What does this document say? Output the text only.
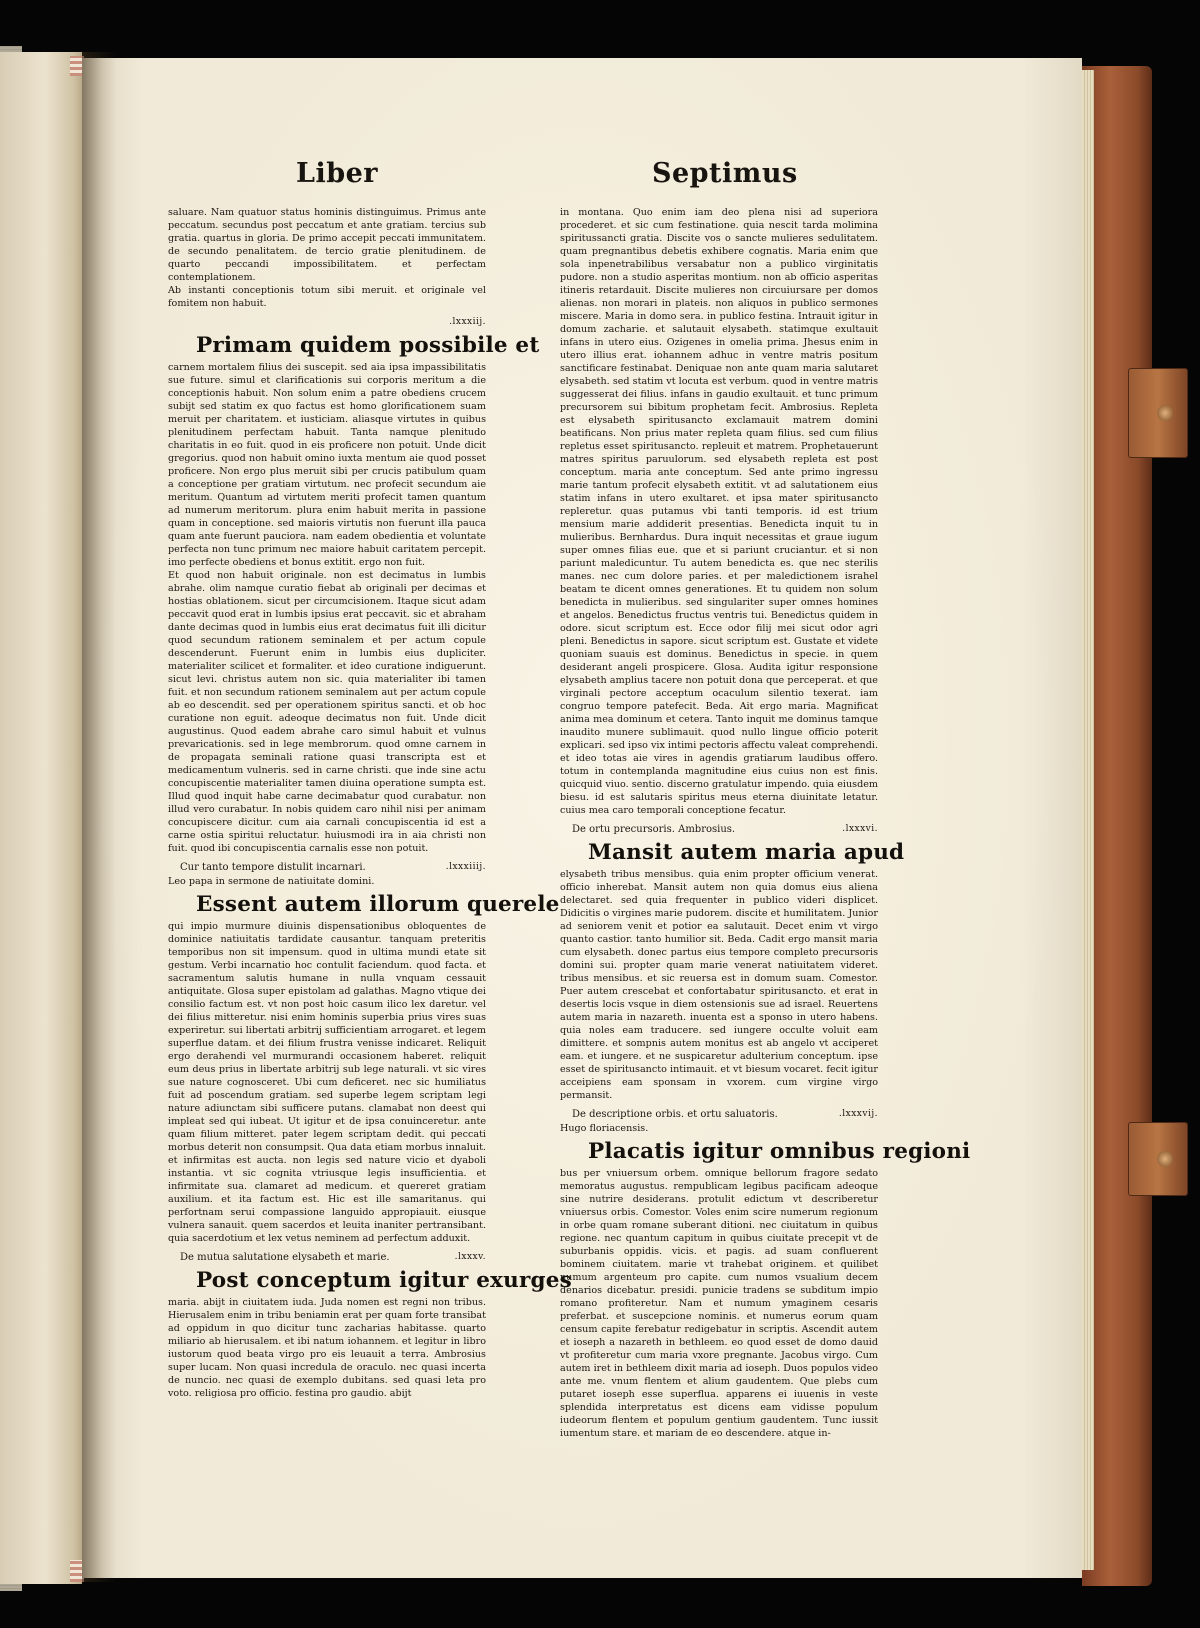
Liber	Septimus

saluare. Nam quatuor status hominis distinguimus. Primus ante peccatum. secundus post peccatum et ante gratiam. tercius sub gratia. quartus in gloria. De primo accepit peccati immunitatem. de secundo penalitatem. de tercio gratie plenitudinem. de quarto peccandi impossibilitatem. et perfectam contemplationem.

Ab instanti conceptionis totum sibi meruit. et originale vel fomitem non habuit.

.lxxxiij.
Primam quidem possibile et

carnem mortalem filius dei suscepit. sed aia ipsa impassibilitatis sue future. simul et clarificationis sui corporis meritum a die conceptionis habuit. Non solum enim a patre obediens crucem subijt sed statim ex quo factus est homo glorificationem suam meruit per charitatem. et iusticiam. aliasque virtutes in quibus plenitudinem perfectam habuit. Tanta namque plenitudo charitatis in eo fuit. quod in eis proficere non potuit. Unde dicit gregorius. quod non habuit omino iuxta mentum aie quod posset proficere. Non ergo plus meruit sibi per crucis patibulum quam a conceptione per gratiam virtutum. nec profecit secundum aie meritum. Quantum ad virtutem meriti profecit tamen quantum ad numerum meritorum. plura enim habuit merita in passione quam in conceptione. sed maioris virtutis non fuerunt illa pauca quam ante fuerunt pauciora. nam eadem obedientia et voluntate perfecta non tunc primum nec maiore habuit caritatem percepit. imo perfecte obediens et bonus extitit. ergo non fuit.

Et quod non habuit originale. non est decimatus in lumbis abrahe. olim namque curatio fiebat ab originali per decimas et hostias oblationem. sicut per circumcisionem. Itaque sicut adam peccavit quod erat in lumbis ipsius erat peccavit. sic et abraham dante decimas quod in lumbis eius erat decimatus fuit illi dicitur quod secundum rationem seminalem et per actum copule descenderunt. Fuerunt enim in lumbis eius dupliciter. materialiter scilicet et formaliter. et ideo curatione indiguerunt. sicut levi. christus autem non sic. quia materialiter ibi tamen fuit. et non secundum rationem seminalem aut per actum copule ab eo descendit. sed per operationem spiritus sancti. et ob hoc curatione non eguit. adeoque decimatus non fuit. Unde dicit augustinus. Quod eadem abrahe caro simul habuit et vulnus prevaricationis. sed in lege membrorum. quod omne carnem in de propagata seminali ratione quasi transcripta est et medicamentum vulneris. sed in carne christi. que inde sine actu concupiscentie materialiter tamen diuina operatione sumpta est. Illud quod inquit habe carne decimabatur quod curabatur. non illud vero curabatur. In nobis quidem caro nihil nisi per animam concupiscere dicitur. cum aia carnali concupiscentia id est a carne ostia spiritui reluctatur. huiusmodi ira in aia christi non fuit. quod ibi concupiscentia carnalis esse non potuit.

Cur tanto tempore distulit incarnari.	.lxxxiiij.

Leo papa in sermone de natiuitate domini.

Essent autem illorum querele

qui impio murmure diuinis dispensationibus obloquentes de dominice natiuitatis tardidate causantur. tanquam preteritis temporibus non sit impensum. quod in ultima mundi etate sit gestum. Verbi incarnatio hoc contulit faciendum. quod facta. et sacramentum salutis humane in nulla vnquam cessauit antiquitate. Glosa super epistolam ad galathas. Magno vtique dei consilio factum est. vt non post hoic casum ilico lex daretur. vel dei filius mitteretur. nisi enim hominis superbia prius vires suas experiretur. sui libertati arbitrij sufficientiam arrogaret. et legem superflue datam. et dei filium frustra venisse indicaret. Reliquit ergo derahendi vel murmurandi occasionem haberet. reliquit eum deus prius in libertate arbitrij sub lege naturali. vt sic vires sue nature cognosceret. Ubi cum deficeret. nec sic humiliatus fuit ad poscendum gratiam. sed superbe legem scriptam legi nature adiunctam sibi sufficere putans. clamabat non deest qui impleat sed qui iubeat. Ut igitur et de ipsa conuinceretur. ante quam filium mitteret. pater legem scriptam dedit. qui peccati morbus deterit non consumpsit. Qua data etiam morbus innaluit. et infirmitas est aucta. non legis sed nature vicio et dyaboli instantia. vt sic cognita vtriusque legis insufficientia. et infirmitate sua. clamaret ad medicum. et quereret gratiam auxilium. et ita factum est. Hic est ille samaritanus. qui perfortnam serui compassione languido appropiauit. eiusque vulnera sanauit. quem sacerdos et leuita inaniter pertransibant. quia sacerdotium et lex vetus neminem ad perfectum adduxit.

De mutua salutatione elysabeth et marie.	.lxxxv.
Post conceptum igitur exurges

maria. abijt in ciuitatem iuda. Juda nomen est regni non tribus. Hierusalem enim in tribu beniamin erat per quam forte transibat ad oppidum in quo dicitur tunc zacharias habitasse. quarto miliario ab hierusalem. et ibi natum iohannem. et legitur in libro iustorum quod beata virgo pro eis leuauit a terra. Ambrosius super lucam. Non quasi incredula de oraculo. nec quasi incerta de nuncio. nec quasi de exemplo dubitans. sed quasi leta pro voto. religiosa pro officio. festina pro gaudio. abijt

in montana. Quo enim iam deo plena nisi ad superiora procederet. et sic cum festinatione. quia nescit tarda molimina spiritussancti gratia. Discite vos o sancte mulieres sedulitatem. quam pregnantibus debetis exhibere cognatis. Maria enim que sola inpenetrabilibus versabatur non a publico virginitatis pudore. non a studio asperitas montium. non ab officio asperitas itineris retardauit. Discite mulieres non circuiursare per domos alienas. non morari in plateis. non aliquos in publico sermones miscere. Maria in domo sera. in publico festina. Intrauit igitur in domum zacharie. et salutauit elysabeth. statimque exultauit infans in utero eius. Ozigenes in omelia prima. Jhesus enim in utero illius erat. iohannem adhuc in ventre matris positum sanctificare festinabat. Deniquae non ante quam maria salutaret elysabeth. sed statim vt locuta est verbum. quod in ventre matris suggesserat dei filius. infans in gaudio exultauit. et tunc primum precursorem sui bibitum prophetam fecit. Ambrosius. Repleta est elysabeth spiritusancto exclamauit matrem domini beatificans. Non prius mater repleta quam filius. sed cum filius repletus esset spiritusancto. repleuit et matrem. Prophetauerunt matres spiritus paruulorum. sed elysabeth repleta est post conceptum. maria ante conceptum. Sed ante primo ingressu marie tantum profecit elysabeth extitit. vt ad salutationem eius statim infans in utero exultaret. et ipsa mater spiritusancto repleretur. quas putamus vbi tanti temporis. id est trium mensium marie addiderit presentias. Benedicta inquit tu in mulieribus. Bernhardus. Dura inquit necessitas et graue iugum super omnes filias eue. que et si pariunt cruciantur. et si non pariunt maledicuntur. Tu autem benedicta es. que nec sterilis manes. nec cum dolore paries. et per maledictionem israhel beatam te dicent omnes generationes. Et tu quidem non solum benedicta in mulieribus. sed singulariter super omnes homines et angelos. Benedictus fructus ventris tui. Benedictus quidem in odore. sicut scriptum est. Ecce odor filij mei sicut odor agri pleni. Benedictus in sapore. sicut scriptum est. Gustate et videte quoniam suauis est dominus. Benedictus in specie. in quem desiderant angeli prospicere. Glosa. Audita igitur responsione elysabeth amplius tacere non potuit dona que perceperat. et que virginali pectore acceptum ocaculum silentio texerat. iam congruo tempore patefecit. Beda. Ait ergo maria. Magnificat anima mea dominum et cetera. Tanto inquit me dominus tamque inaudito munere sublimauit. quod nullo lingue officio poterit explicari. sed ipso vix intimi pectoris affectu valeat comprehendi. et ideo totas aie vires in agendis gratiarum laudibus offero. totum in contemplanda magnitudine eius cuius non est finis. quicquid viuo. sentio. discerno gratulatur impendo. quia eiusdem biesu. id est salutaris spiritus meus eterna diuinitate letatur. cuius mea caro temporali conceptione fecatur.

De ortu precursoris. Ambrosius.	.lxxxvi.
Mansit autem maria apud

elysabeth tribus mensibus. quia enim propter officium venerat. officio inherebat. Mansit autem non quia domus eius aliena delectaret. sed quia frequenter in publico videri displicet. Didicitis o virgines marie pudorem. discite et humilitatem. Junior ad seniorem venit et potior ea salutauit. Decet enim vt virgo quanto castior. tanto humilior sit. Beda. Cadit ergo mansit maria cum elysabeth. donec partus eius tempore completo precursoris domini sui. propter quam marie venerat natiuitatem videret. tribus mensibus. et sic reuersa est in domum suam. Comestor. Puer autem crescebat et confortabatur spiritusancto. et erat in desertis locis vsque in diem ostensionis sue ad israel. Reuertens autem maria in nazareth. inuenta est a sponso in utero habens. quia noles eam traducere. sed iungere occulte voluit eam dimittere. et sompnis autem monitus est ab angelo vt acciperet eam. et iungere. et ne suspicaretur adulterium conceptum. ipse esset de spiritusancto intimauit. et vt biesum vocaret. fecit igitur acceipiens eam sponsam in vxorem. cum virgine virgo permansit.

De descriptione orbis. et ortu saluatoris.	.lxxxvij.

Hugo floriacensis.

Placatis igitur omnibus regioni

bus per vniuersum orbem. omnique bellorum fragore sedato memoratus augustus. rempublicam legibus pacificam adeoque sine nutrire desiderans. protulit edictum vt describeretur vniuersus orbis. Comestor. Voles enim scire numerum regionum in orbe quam romane suberant ditioni. nec ciuitatum in quibus regione. nec quantum capitum in quibus ciuitate precepit vt de suburbanis oppidis. vicis. et pagis. ad suam confluerent bominem ciuitatem. marie vt trahebat originem. et quilibet numum argenteum pro capite. cum numos vsualium decem denarios dicebatur. presidi. punicie tradens se subditum impio romano profiteretur. Nam et numum ymaginem cesaris preferbat. et suscepcione nominis. et numerus eorum quam censum capite ferebatur redigebatur in scriptis. Ascendit autem et ioseph a nazareth in bethleem. eo quod esset de domo dauid vt profiteretur cum maria vxore pregnante. Jacobus virgo. Cum autem iret in bethleem dixit maria ad ioseph. Duos populos video ante me. vnum flentem et alium gaudentem. Que plebs cum putaret ioseph esse superflua. apparens ei iuuenis in veste splendida interpretatus est dicens eam vidisse populum iudeorum flentem et populum gentium gaudentem. Tunc iussit iumentum stare. et mariam de eo descendere. atque in-
